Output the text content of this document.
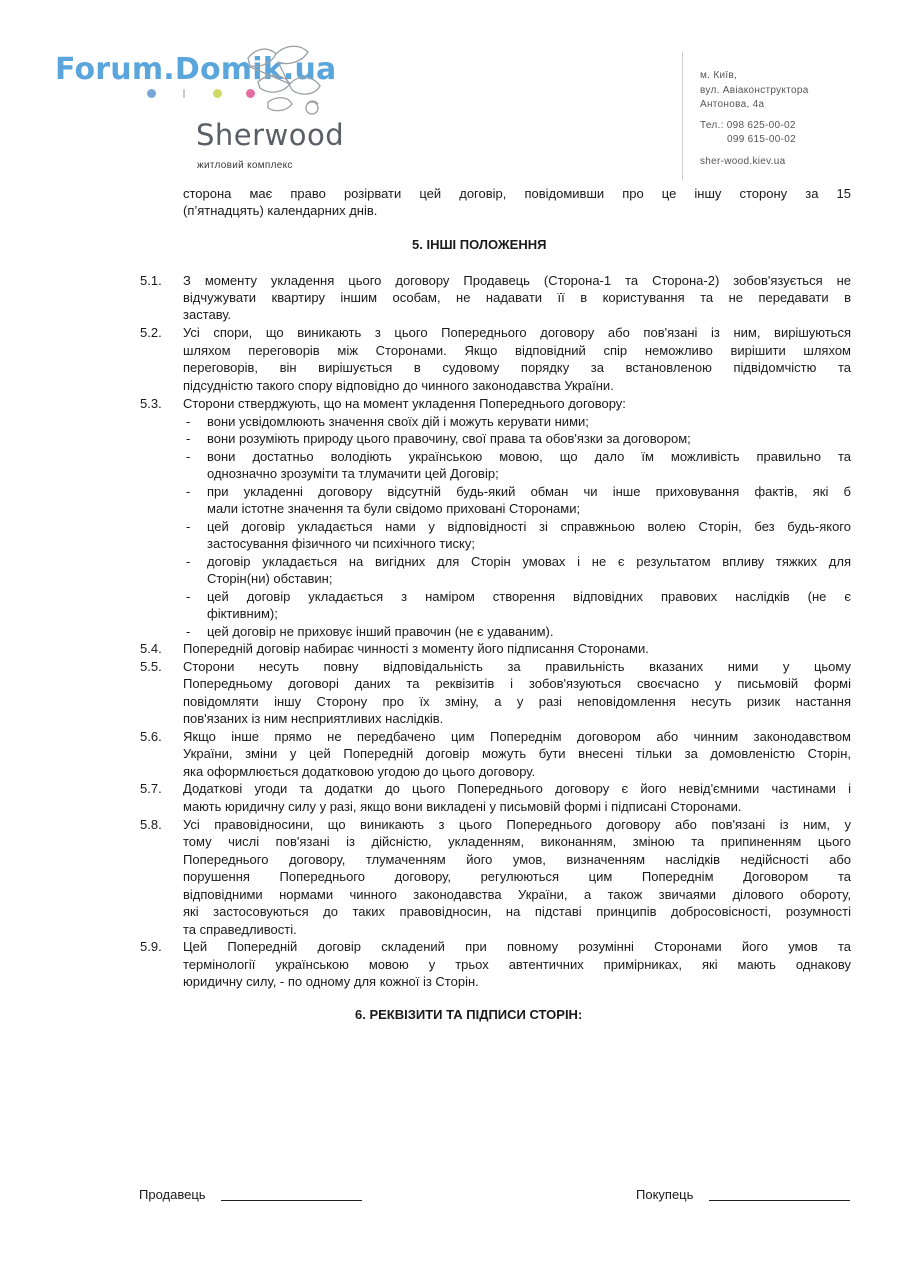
Forum.Domik.ua
Sherwood
житловий комплекс
м. Київ,
вул. Авіаконструктора
Антонова, 4а
Тел.: 098 625-00-02
099 615-00-02
sher-wood.kiev.ua
сторона має право розірвати цей договір, повідомивши про це іншу сторону за 15
(п’ятнадцять) календарних днів.
5. ІНШІ ПОЛОЖЕННЯ
5.1. З моменту укладення цього договору Продавець (Сторона-1 та Сторона-2) зобов'язується не
відчужувати квартиру іншим особам, не надавати її в користування та не передавати в
заставу.
5.2. Усі спори, що виникають з цього Попереднього договору або пов'язані із ним, вирішуються
шляхом переговорів між Сторонами. Якщо відповідний спір неможливо вирішити шляхом
переговорів, він вирішується в судовому порядку за встановленою підвідомчістю та
підсудністю такого спору відповідно до чинного законодавства України.
5.3. Сторони стверджують, що на момент укладення Попереднього договору:
- вони усвідомлюють значення своїх дій і можуть керувати ними;
- вони розуміють природу цього правочину, свої права та обов'язки за договором;
- вони достатньо володіють українською мовою, що дало їм можливість правильно та
однозначно зрозуміти та тлумачити цей Договір;
- при укладенні договору відсутній будь-який обман чи інше приховування фактів, які б
мали істотне значення та були свідомо приховані Сторонами;
- цей договір укладається нами у відповідності зі справжньою волею Сторін, без будь-якого
застосування фізичного чи психічного тиску;
- договір укладається на вигідних для Сторін умовах і не є результатом впливу тяжких для
Сторін(ни) обставин;
- цей договір укладається з наміром створення відповідних правових наслідків (не є
фіктивним);
- цей договір не приховує інший правочин (не є удаваним).
5.4. Попередній договір набирає чинності з моменту його підписання Сторонами.
5.5. Сторони несуть повну відповідальність за правильність вказаних ними у цьому
Попередньому договорі даних та реквізитів і зобов'язуються своєчасно у письмовій формі
повідомляти іншу Сторону про їх зміну, а у разі неповідомлення несуть ризик настання
пов'язаних із ним несприятливих наслідків.
5.6. Якщо інше прямо не передбачено цим Попереднім договором або чинним законодавством
України, зміни у цей Попередній договір можуть бути внесені тільки за домовленістю Сторін,
яка оформлюється додатковою угодою до цього договору.
5.7. Додаткові угоди та додатки до цього Попереднього договору є його невід'ємними частинами і
мають юридичну силу у разі, якщо вони викладені у письмовій формі і підписані Сторонами.
5.8. Усі правовідносини, що виникають з цього Попереднього договору або пов'язані із ним, у
тому числі пов'язані із дійсністю, укладенням, виконанням, зміною та припиненням цього
Попереднього договору, тлумаченням його умов, визначенням наслідків недійсності або
порушення Попереднього договору, регулюються цим Попереднім Договором та
відповідними нормами чинного законодавства України, а також звичаями ділового обороту,
які застосовуються до таких правовідносин, на підставі принципів добросовісності, розумності
та справедливості.
5.9. Цей Попередній договір складений при повному розумінні Сторонами його умов та
термінології українською мовою у трьох автентичних примірниках, які мають однакову
юридичну силу, - по одному для кожної із Сторін.
6. РЕКВІЗИТИ ТА ПІДПИСИ СТОРІН:
Продавець	Покупець
